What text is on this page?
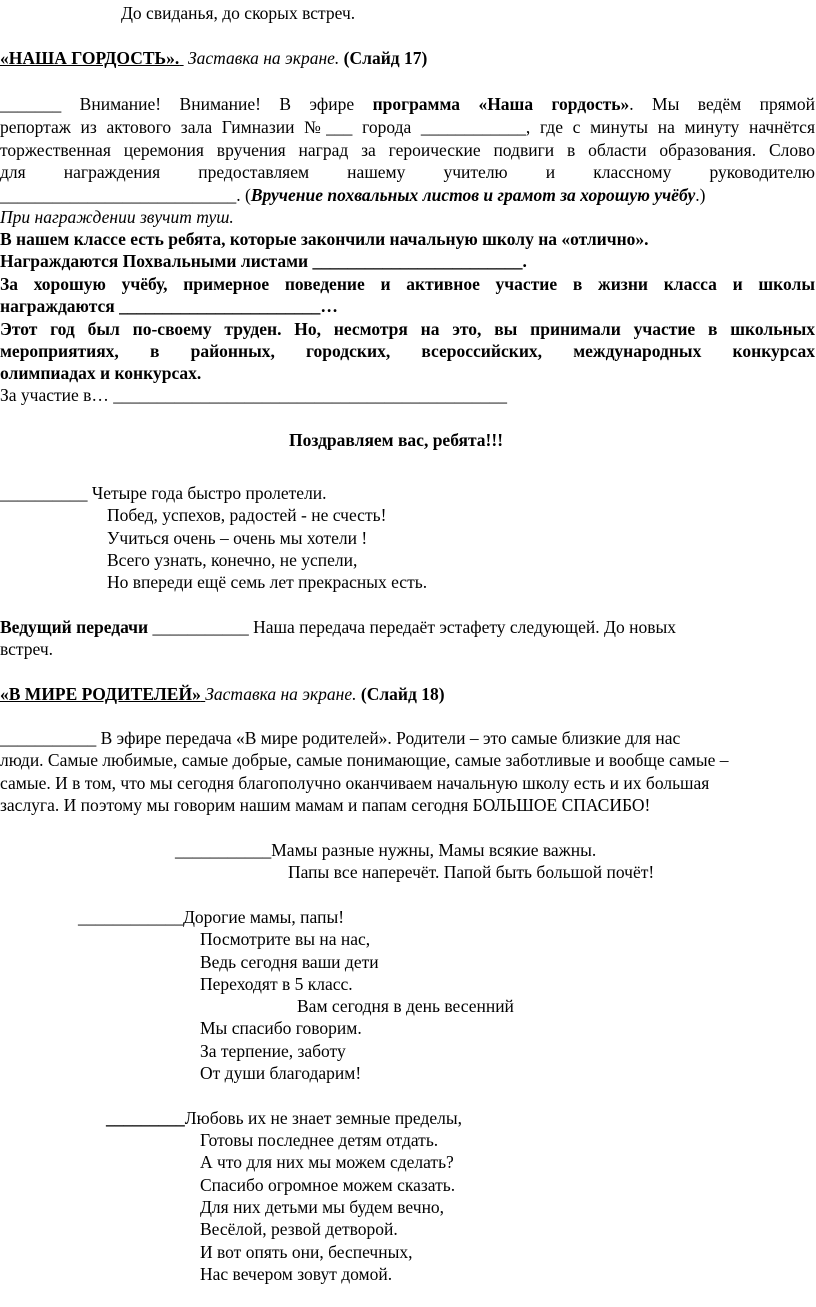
До свиданья, до скорых встреч.
«НАША ГОРДОСТЬ». Заставка на экране. (Слайд 17)
_______ Внимание! Внимание! В эфире программа «Наша гордость». Мы ведём прямой
репортаж из актового зала Гимназии №___ города ____________, где с минуты на минуту начнётся
торжественная церемония вручения наград за героические подвиги в области образования. Слово
для награждения предоставляем нашему учителю и классному руководителю
___________________________. (Вручение похвальных листов и грамот за хорошую учёбу.)
При награждении звучит туш.
В нашем классе есть ребята, которые закончили начальную школу на «отлично».
Награждаются Похвальными листами ________________________.
За хорошую учёбу, примерное поведение и активное участие в жизни класса и школы
награждаются _______________________…
Этот год был по-своему труден. Но, несмотря на это, вы принимали участие в школьных
мероприятиях, в районных, городских, всероссийских, международных конкурсах
олимпиадах и конкурсах.
За участие в… _____________________________________________
Поздравляем вас, ребята!!!
__________ Четыре года быстро пролетели.
Побед, успехов, радостей - не счесть!
Учиться очень – очень мы хотели !
Всего узнать, конечно, не успели,
Но впереди ещё семь лет прекрасных есть.
Ведущий передачи ___________ Наша передача передаёт эстафету следующей. До новых
встреч.
«В МИРЕ РОДИТЕЛЕЙ» Заставка на экране. (Слайд 18)
___________ В эфире передача «В мире родителей». Родители – это самые близкие для нас
люди. Самые любимые, самые добрые, самые понимающие, самые заботливые и вообще самые –
самые. И в том, что мы сегодня благополучно оканчиваем начальную школу есть и их большая
заслуга. И поэтому мы говорим нашим мамам и папам сегодня БОЛЬШОЕ СПАСИБО!
___________Мамы разные нужны, Мамы всякие важны.
Папы все наперечёт. Папой быть большой почёт!
____________Дорогие мамы, папы!
Посмотрите вы на нас,
Ведь сегодня ваши дети
Переходят в 5 класс.
Вам сегодня в день весенний
Мы спасибо говорим.
За терпение, заботу
От души благодарим!
_________Любовь их не знает земные пределы,
Готовы последнее детям отдать.
А что для них мы можем сделать?
Спасибо огромное можем сказать.
Для них детьми мы будем вечно,
Весёлой, резвой детворой.
И вот опять они, беспечных,
Нас вечером зовут домой.
